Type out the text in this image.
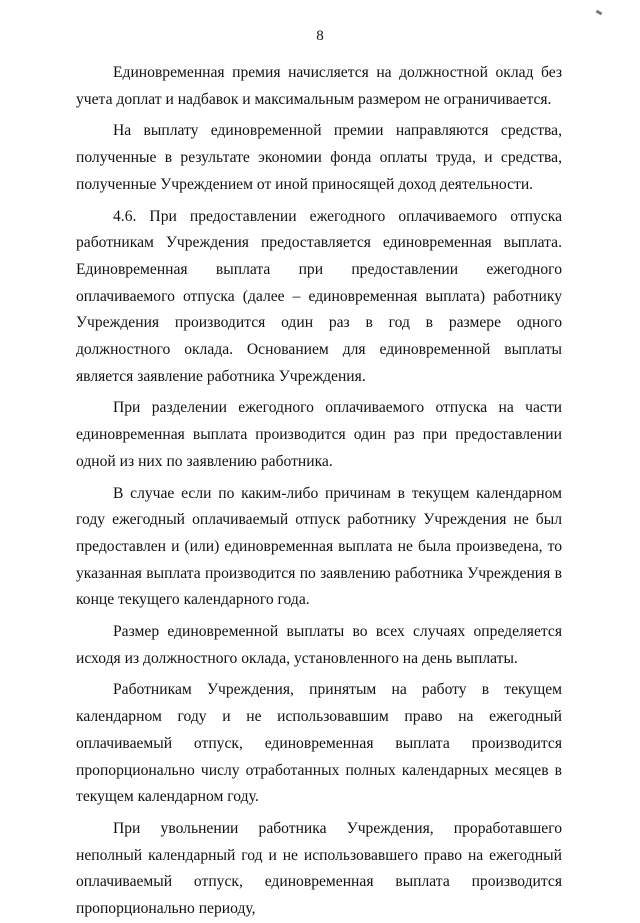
8

Единовременная премия начисляется на должностной оклад без учета доплат и надбавок и максимальным размером не ограничивается.

На выплату единовременной премии направляются средства, полученные в результате экономии фонда оплаты труда, и средства, полученные Учреждением от иной приносящей доход деятельности.

4.6. При предоставлении ежегодного оплачиваемого отпуска работникам Учреждения предоставляется единовременная выплата. Единовременная выплата при предоставлении ежегодного оплачиваемого отпуска (далее – единовременная выплата) работнику Учреждения производится один раз в год в размере одного должностного оклада. Основанием для единовременной выплаты является заявление работника Учреждения.

При разделении ежегодного оплачиваемого отпуска на части единовременная выплата производится один раз при предоставлении одной из них по заявлению работника.

В случае если по каким-либо причинам в текущем календарном году ежегодный оплачиваемый отпуск работнику Учреждения не был предоставлен и (или) единовременная выплата не была произведена, то указанная выплата производится по заявлению работника Учреждения в конце текущего календарного года.

Размер единовременной выплаты во всех случаях определяется исходя из должностного оклада, установленного на день выплаты.

Работникам Учреждения, принятым на работу в текущем календарном году и не использовавшим право на ежегодный оплачиваемый отпуск, единовременная выплата производится пропорционально числу отработанных полных календарных месяцев в текущем календарном году.

При увольнении работника Учреждения, проработавшего неполный календарный год и не использовавшего право на ежегодный оплачиваемый отпуск, единовременная выплата производится пропорционально периоду,
